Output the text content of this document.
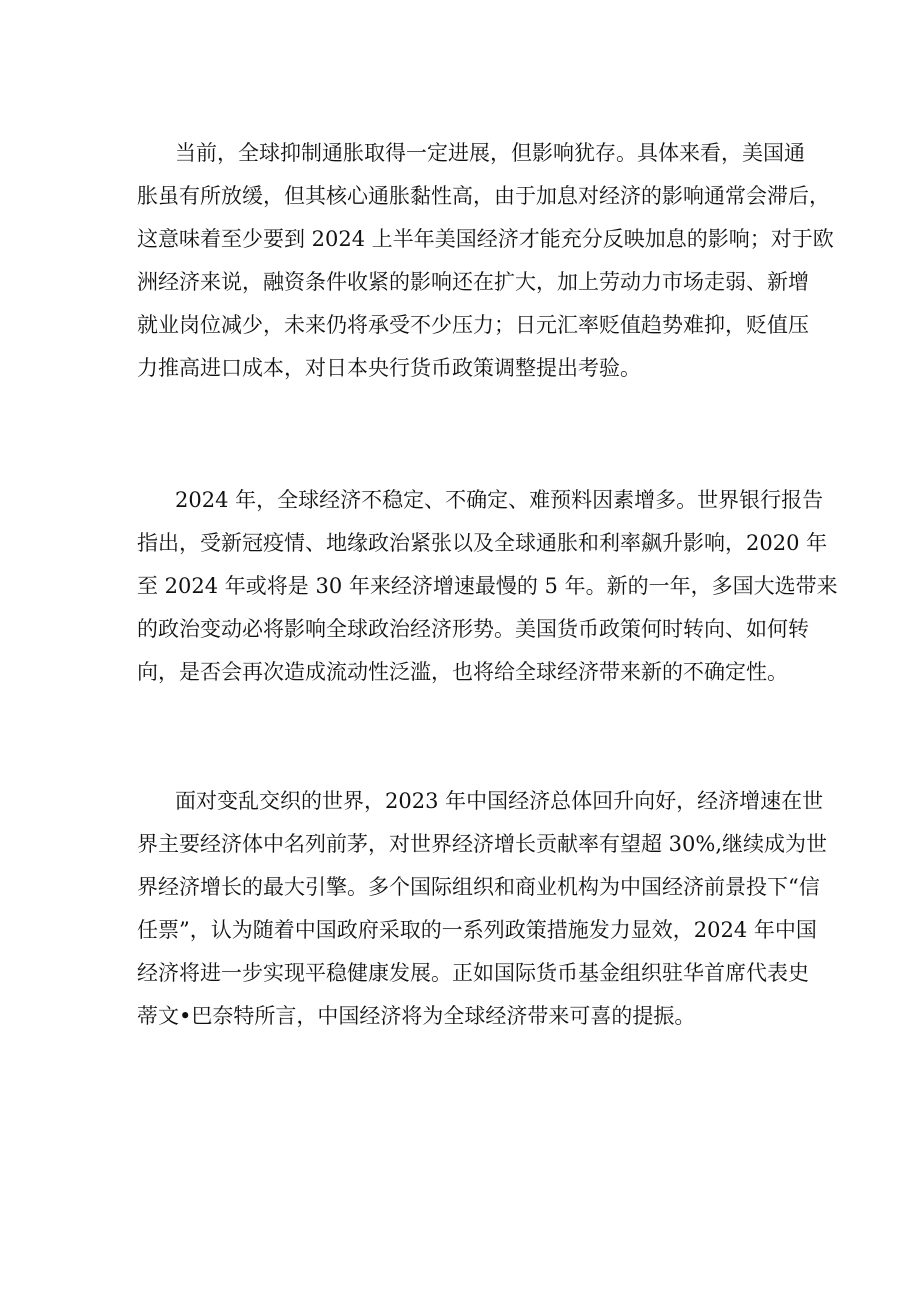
当前，全球抑制通胀取得一定进展，但影响犹存。具体来看，美国通
胀虽有所放缓，但其核心通胀黏性高，由于加息对经济的影响通常会滞后，
这意味着至少要到 2024 上半年美国经济才能充分反映加息的影响；对于欧
洲经济来说，融资条件收紧的影响还在扩大，加上劳动力市场走弱、新增
就业岗位减少，未来仍将承受不少压力；日元汇率贬值趋势难抑，贬值压
力推高进口成本，对日本央行货币政策调整提出考验。
2024 年，全球经济不稳定、不确定、难预料因素增多。世界银行报告
指出，受新冠疫情、地缘政治紧张以及全球通胀和利率飙升影响，2020 年
至 2024 年或将是 30 年来经济增速最慢的 5 年。新的一年，多国大选带来
的政治变动必将影响全球政治经济形势。美国货币政策何时转向、如何转
向，是否会再次造成流动性泛滥，也将给全球经济带来新的不确定性。
面对变乱交织的世界，2023 年中国经济总体回升向好，经济增速在世
界主要经济体中名列前茅，对世界经济增长贡献率有望超 30%,继续成为世
界经济增长的最大引擎。多个国际组织和商业机构为中国经济前景投下“信
任票”，认为随着中国政府采取的一系列政策措施发力显效，2024 年中国
经济将进一步实现平稳健康发展。正如国际货币基金组织驻华首席代表史
蒂文•巴奈特所言，中国经济将为全球经济带来可喜的提振。
